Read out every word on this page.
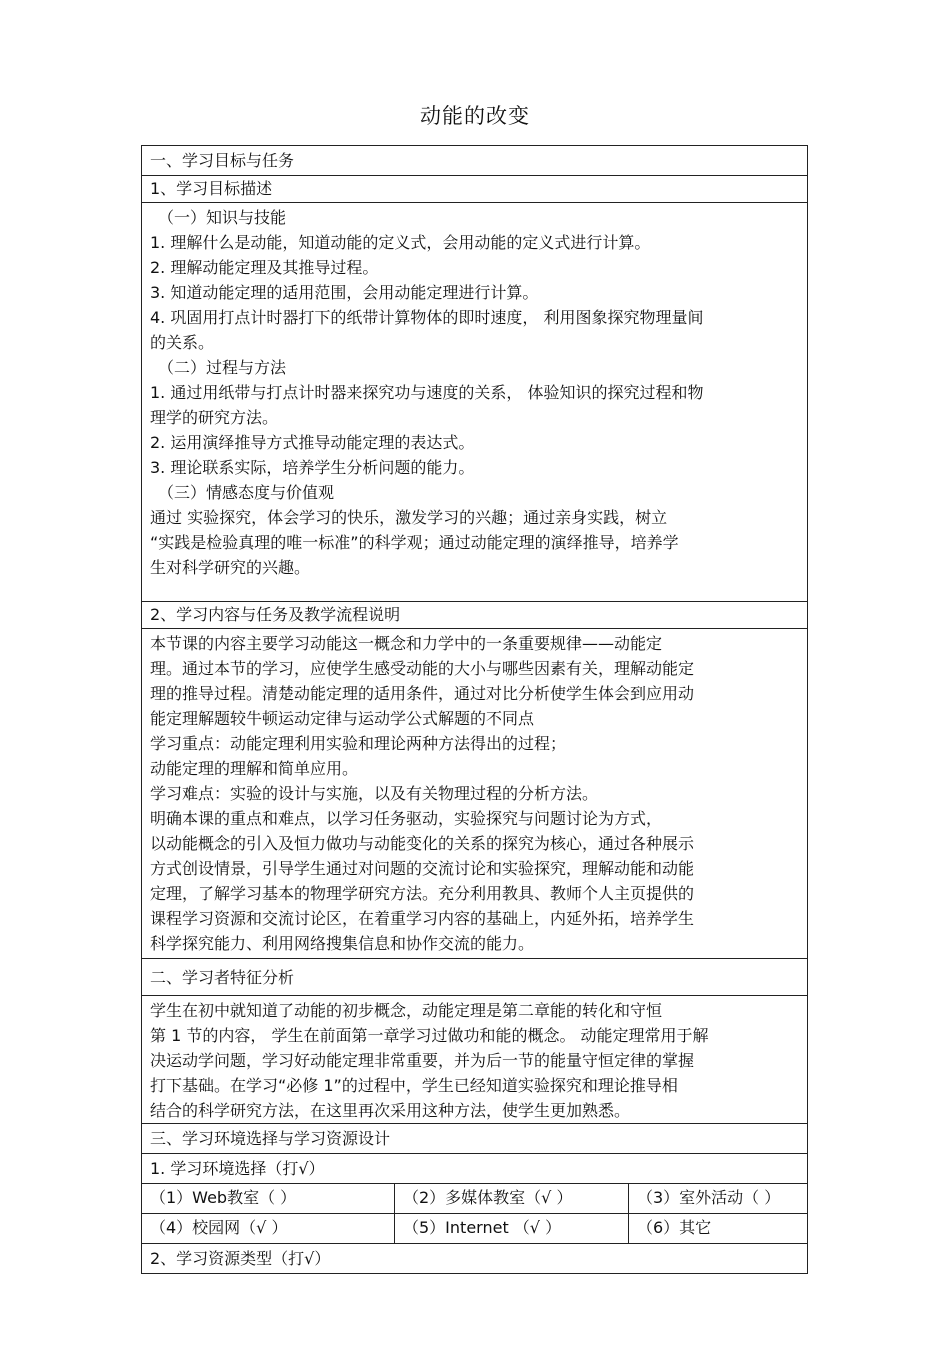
动能的改变

一、学习目标与任务

1、学习目标描述

（一）知识与技能

1. 理解什么是动能，知道动能的定义式，会用动能的定义式进行计算。

2. 理解动能定理及其推导过程。

3. 知道动能定理的适用范围，会用动能定理进行计算。

4. 巩固用打点计时器打下的纸带计算物体的即时速度， 利用图象探究物理量间

的关系。

（二）过程与方法

1. 通过用纸带与打点计时器来探究功与速度的关系， 体验知识的探究过程和物

理学的研究方法。

2. 运用演绎推导方式推导动能定理的表达式。

3. 理论联系实际，培养学生分析问题的能力。

（三）情感态度与价值观

通过 实验探究，体会学习的快乐，激发学习的兴趣；通过亲身实践，树立

“实践是检验真理的唯一标准”的科学观；通过动能定理的演绎推导，培养学

生对科学研究的兴趣。

2、学习内容与任务及教学流程说明

本节课的内容主要学习动能这一概念和力学中的一条重要规律——动能定

理。通过本节的学习，应使学生感受动能的大小与哪些因素有关，理解动能定

理的推导过程。清楚动能定理的适用条件，通过对比分析使学生体会到应用动

能定理解题较牛顿运动定律与运动学公式解题的不同点

学习重点：动能定理利用实验和理论两种方法得出的过程；

动能定理的理解和简单应用。

学习难点：实验的设计与实施，以及有关物理过程的分析方法。

明确本课的重点和难点，以学习任务驱动，实验探究与问题讨论为方式，

以动能概念的引入及恒力做功与动能变化的关系的探究为核心，通过各种展示

方式创设情景，引导学生通过对问题的交流讨论和实验探究，理解动能和动能

定理，了解学习基本的物理学研究方法。充分利用教具、教师个人主页提供的

课程学习资源和交流讨论区，在着重学习内容的基础上，内延外拓，培养学生

科学探究能力、利用网络搜集信息和协作交流的能力。

二、学习者特征分析

学生在初中就知道了动能的初步概念，动能定理是第二章能的转化和守恒

第 1 节的内容， 学生在前面第一章学习过做功和能的概念。 动能定理常用于解

决运动学问题，学习好动能定理非常重要，并为后一节的能量守恒定律的掌握

打下基础。在学习“必修 1”的过程中，学生已经知道实验探究和理论推导相

结合的科学研究方法，在这里再次采用这种方法，使学生更加熟悉。

三、学习环境选择与学习资源设计

1. 学习环境选择（打√）

（1）Web教室（ ）	（2）多媒体教室（√ ）	（3）室外活动（ ）
（4）校园网（√ ）	（5）Internet （√ ）	（6）其它

2、学习资源类型（打√）
